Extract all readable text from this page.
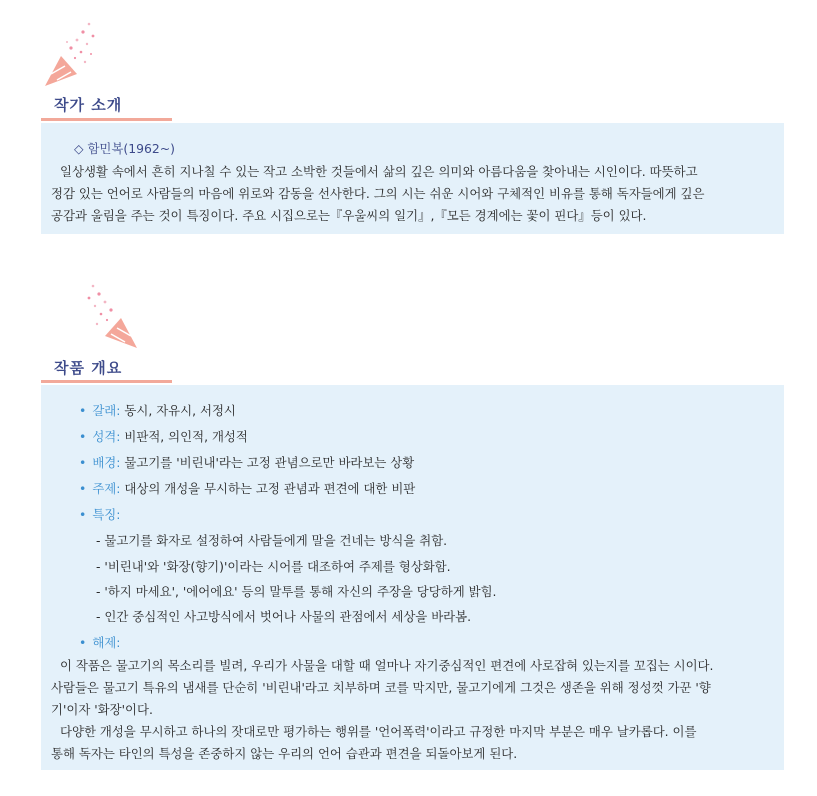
작가 소개
◇ 함민복(1962~)
일상생활 속에서 흔히 지나칠 수 있는 작고 소박한 것들에서 삶의 깊은 의미와 아름다움을 찾아내는 시인이다. 따뜻하고
정감 있는 언어로 사람들의 마음에 위로와 감동을 선사한다. 그의 시는 쉬운 시어와 구체적인 비유를 통해 독자들에게 깊은
공감과 울림을 주는 것이 특징이다. 주요 시집으로는『우울씨의 일기』,『모든 경계에는 꽃이 핀다』등이 있다.
작품 개요
• 갈래: 동시, 자유시, 서정시
• 성격: 비판적, 의인적, 개성적
• 배경: 물고기를 '비린내'라는 고정 관념으로만 바라보는 상황
• 주제: 대상의 개성을 무시하는 고정 관념과 편견에 대한 비판
• 특징:
- 물고기를 화자로 설정하여 사람들에게 말을 건네는 방식을 취함.
- '비린내'와 '화장(향기)'이라는 시어를 대조하여 주제를 형상화함.
- '하지 마세요', '에어에요' 등의 말투를 통해 자신의 주장을 당당하게 밝힘.
- 인간 중심적인 사고방식에서 벗어나 사물의 관점에서 세상을 바라봄.
• 해제:
이 작품은 물고기의 목소리를 빌려, 우리가 사물을 대할 때 얼마나 자기중심적인 편견에 사로잡혀 있는지를 꼬집는 시이다.
사람들은 물고기 특유의 냄새를 단순히 '비린내'라고 치부하며 코를 막지만, 물고기에게 그것은 생존을 위해 정성껏 가꾼 '향
기'이자 '화장'이다.
다양한 개성을 무시하고 하나의 잣대로만 평가하는 행위를 '언어폭력'이라고 규정한 마지막 부분은 매우 날카롭다. 이를
통해 독자는 타인의 특성을 존중하지 않는 우리의 언어 습관과 편견을 되돌아보게 된다.
